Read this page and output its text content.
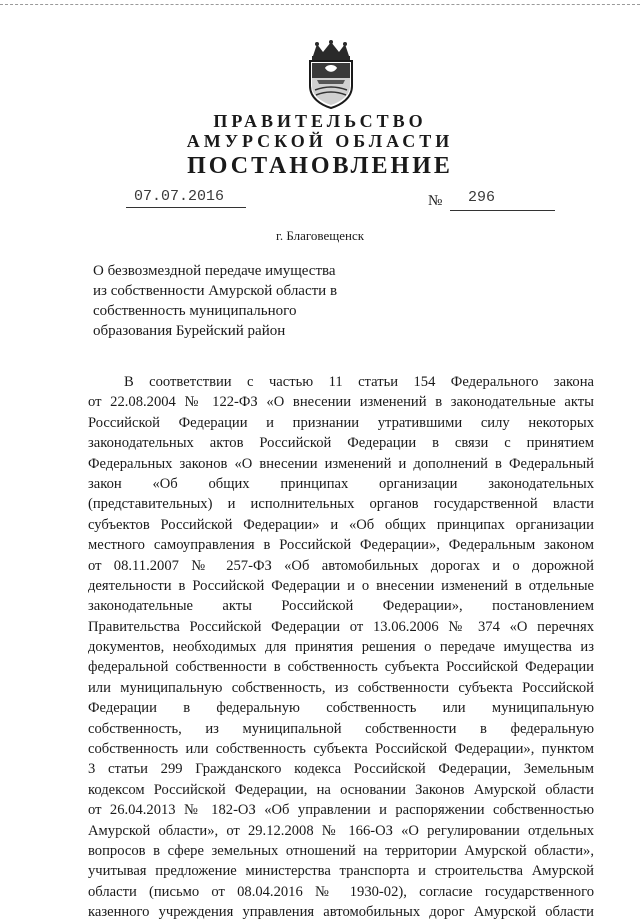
ПРАВИТЕЛЬСТВО
АМУРСКОЙ ОБЛАСТИ
ПОСТАНОВЛЕНИЕ
07.07.2016	№ 296
г. Благовещенск
О безвозмездной передаче имущества
из собственности Амурской области в
собственность муниципального
образования Бурейский район
В соответствии с частью 11 статьи 154 Федерального закона
от 22.08.2004 № 122-ФЗ «О внесении изменений в законодательные акты
Российской Федерации и признании утратившими силу некоторых
законодательных актов Российской Федерации в связи с принятием
Федеральных законов «О внесении изменений и дополнений в Федеральный
закон «Об общих принципах организации законодательных
(представительных) и исполнительных органов государственной власти
субъектов Российской Федерации» и «Об общих принципах организации
местного самоуправления в Российской Федерации», Федеральным законом
от 08.11.2007 № 257-ФЗ «Об автомобильных дорогах и о дорожной
деятельности в Российской Федерации и о внесении изменений в отдельные
законодательные акты Российской Федерации», постановлением
Правительства Российской Федерации от 13.06.2006 № 374 «О перечнях
документов, необходимых для принятия решения о передаче имущества из
федеральной собственности в собственность субъекта Российской Федерации
или муниципальную собственность, из собственности субъекта Российской
Федерации в федеральную собственность или муниципальную
собственность, из муниципальной собственности в федеральную
собственность или собственность субъекта Российской Федерации», пунктом
3 статьи 299 Гражданского кодекса Российской Федерации, Земельным
кодексом Российской Федерации, на основании Законов Амурской области
от 26.04.2013 № 182-ОЗ «Об управлении и распоряжении собственностью
Амурской области», от 29.12.2008 № 166-ОЗ «О регулировании отдельных
вопросов в сфере земельных отношений на территории Амурской области»,
учитывая предложение министерства транспорта и строительства Амурской
области (письмо от 08.04.2016 № 1930-02), согласие государственного
казенного учреждения управления автомобильных дорог Амурской области
